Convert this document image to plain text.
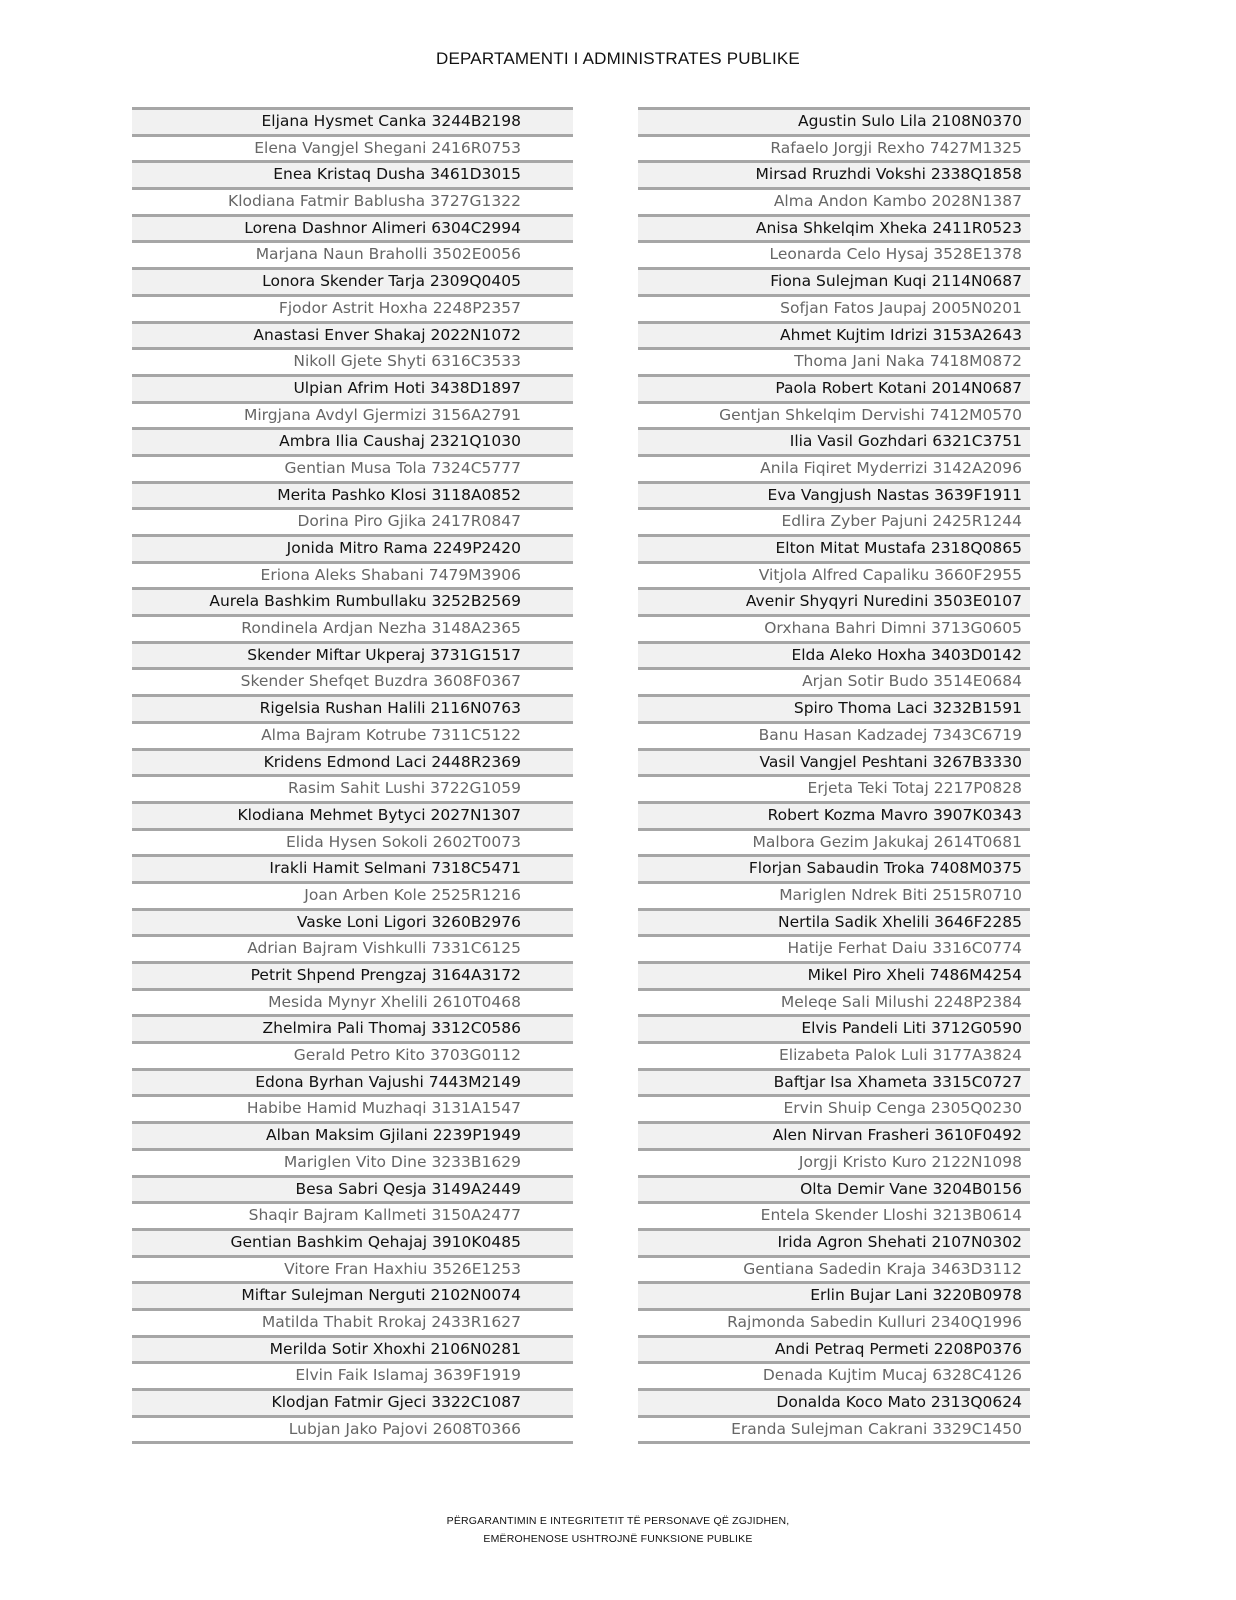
DEPARTAMENTI I ADMINISTRATES PUBLIKE
Eljana Hysmet Canka 3244B2198
Elena Vangjel Shegani 2416R0753
Enea Kristaq Dusha 3461D3015
Klodiana Fatmir Bablusha 3727G1322
Lorena Dashnor Alimeri 6304C2994
Marjana Naun Braholli 3502E0056
Lonora Skender Tarja 2309Q0405
Fjodor Astrit Hoxha 2248P2357
Anastasi Enver Shakaj 2022N1072
Nikoll Gjete Shyti 6316C3533
Ulpian Afrim Hoti 3438D1897
Mirgjana Avdyl Gjermizi 3156A2791
Ambra Ilia Caushaj 2321Q1030
Gentian Musa Tola 7324C5777
Merita Pashko Klosi 3118A0852
Dorina Piro Gjika 2417R0847
Jonida Mitro Rama 2249P2420
Eriona Aleks Shabani 7479M3906
Aurela Bashkim Rumbullaku 3252B2569
Rondinela Ardjan Nezha 3148A2365
Skender Miftar Ukperaj 3731G1517
Skender Shefqet Buzdra 3608F0367
Rigelsia Rushan Halili 2116N0763
Alma Bajram Kotrube 7311C5122
Kridens Edmond Laci 2448R2369
Rasim Sahit Lushi 3722G1059
Klodiana Mehmet Bytyci 2027N1307
Elida Hysen Sokoli 2602T0073
Irakli Hamit Selmani 7318C5471
Joan Arben Kole 2525R1216
Vaske Loni Ligori 3260B2976
Adrian Bajram Vishkulli 7331C6125
Petrit Shpend Prengzaj 3164A3172
Mesida Mynyr Xhelili 2610T0468
Zhelmira Pali Thomaj 3312C0586
Gerald Petro Kito 3703G0112
Edona Byrhan Vajushi 7443M2149
Habibe Hamid Muzhaqi 3131A1547
Alban Maksim Gjilani 2239P1949
Mariglen Vito Dine 3233B1629
Besa Sabri Qesja 3149A2449
Shaqir Bajram Kallmeti 3150A2477
Gentian Bashkim Qehajaj 3910K0485
Vitore Fran Haxhiu 3526E1253
Miftar Sulejman Nerguti 2102N0074
Matilda Thabit Rrokaj 2433R1627
Merilda Sotir Xhoxhi 2106N0281
Elvin Faik Islamaj 3639F1919
Klodjan Fatmir Gjeci 3322C1087
Lubjan Jako Pajovi 2608T0366
Agustin Sulo Lila 2108N0370
Rafaelo Jorgji Rexho 7427M1325
Mirsad Rruzhdi Vokshi 2338Q1858
Alma Andon Kambo 2028N1387
Anisa Shkelqim Xheka 2411R0523
Leonarda Celo Hysaj 3528E1378
Fiona Sulejman Kuqi 2114N0687
Sofjan Fatos Jaupaj 2005N0201
Ahmet Kujtim Idrizi 3153A2643
Thoma Jani Naka 7418M0872
Paola Robert Kotani 2014N0687
Gentjan Shkelqim Dervishi 7412M0570
Ilia Vasil Gozhdari 6321C3751
Anila Fiqiret Myderrizi 3142A2096
Eva Vangjush Nastas 3639F1911
Edlira Zyber Pajuni 2425R1244
Elton Mitat Mustafa 2318Q0865
Vitjola Alfred Capaliku 3660F2955
Avenir Shyqyri Nuredini 3503E0107
Orxhana Bahri Dimni 3713G0605
Elda Aleko Hoxha 3403D0142
Arjan Sotir Budo 3514E0684
Spiro Thoma Laci 3232B1591
Banu Hasan Kadzadej 7343C6719
Vasil Vangjel Peshtani 3267B3330
Erjeta Teki Totaj 2217P0828
Robert Kozma Mavro 3907K0343
Malbora Gezim Jakukaj 2614T0681
Florjan Sabaudin Troka 7408M0375
Mariglen Ndrek Biti 2515R0710
Nertila Sadik Xhelili 3646F2285
Hatije Ferhat Daiu 3316C0774
Mikel Piro Xheli 7486M4254
Meleqe Sali Milushi 2248P2384
Elvis Pandeli Liti 3712G0590
Elizabeta Palok Luli 3177A3824
Baftjar Isa Xhameta 3315C0727
Ervin Shuip Cenga 2305Q0230
Alen Nirvan Frasheri 3610F0492
Jorgji Kristo Kuro 2122N1098
Olta Demir Vane 3204B0156
Entela Skender Lloshi 3213B0614
Irida Agron Shehati 2107N0302
Gentiana Sadedin Kraja 3463D3112
Erlin Bujar Lani 3220B0978
Rajmonda Sabedin Kulluri 2340Q1996
Andi Petraq Permeti 2208P0376
Denada Kujtim Mucaj 6328C4126
Donalda Koco Mato 2313Q0624
Eranda Sulejman Cakrani 3329C1450
PËRGARANTIMIN E INTEGRITETIT TË PERSONAVE QË ZGJIDHEN,
EMËROHENOSE USHTROJNË FUNKSIONE PUBLIKE
